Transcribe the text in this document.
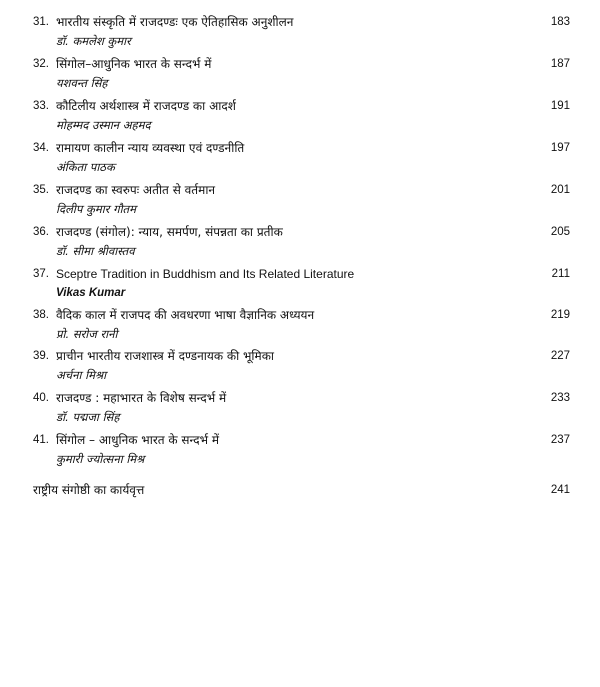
31. भारतीय संस्कृति में राजदण्डः एक ऐतिहासिक अनुशीलन
डॉ. कमलेश कुमार
183
32. सिंगोल–आधुनिक भारत के सन्दर्भ में
यशवन्त सिंह
187
33. कौटिलीय अर्थशास्त्र में राजदण्ड का आदर्श
मोहम्मद उस्मान अहमद
191
34. रामायण कालीन न्याय व्यवस्था एवं दण्डनीति
अंकिता पाठक
197
35. राजदण्ड का स्वरुपः अतीत से वर्तमान
दिलीप कुमार गौतम
201
36. राजदण्ड (संगोल): न्याय, समर्पण, संपन्नता का प्रतीक
डॉ. सीमा श्रीवास्तव
205
37. Sceptre Tradition in Buddhism and Its Related Literature
Vikas Kumar
211
38. वैदिक काल में राजपद की अवधरणा भाषा वैज्ञानिक अध्ययन
प्रो. सरोज रानी
219
39. प्राचीन भारतीय राजशास्त्र में दण्डनायक की भूमिका
अर्चना मिश्रा
227
40. राजदण्ड : महाभारत के विशेष सन्दर्भ में
डॉ. पद्मजा सिंह
233
41. सिंगोल – आधुनिक भारत के सन्दर्भ में
कुमारी ज्योत्सना मिश्र
237
राष्ट्रीय संगोष्ठी का कार्यवृत्त	241
